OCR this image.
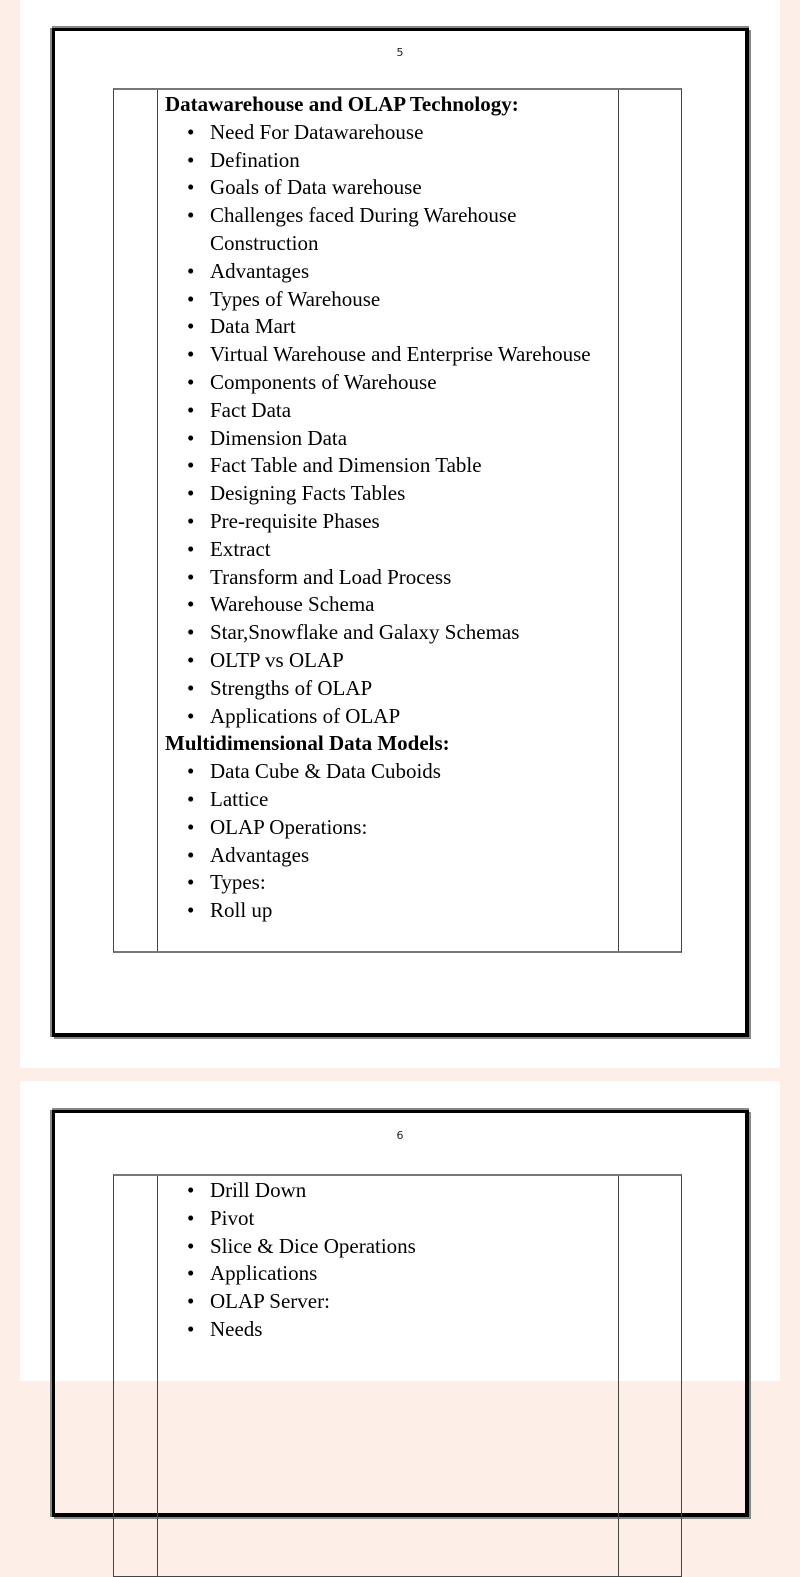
5
Datawarehouse and OLAP Technology:
• Need For Datawarehouse
• Defination
• Goals of Data warehouse
• Challenges faced During Warehouse Construction
• Advantages
• Types of Warehouse
• Data Mart
• Virtual Warehouse and Enterprise Warehouse
• Components of Warehouse
• Fact Data
• Dimension Data
• Fact Table and Dimension Table
• Designing Facts Tables
• Pre-requisite Phases
• Extract
• Transform and Load Process
• Warehouse Schema
• Star,Snowflake and Galaxy Schemas
• OLTP vs OLAP
• Strengths of OLAP
• Applications of OLAP
Multidimensional Data Models:
• Data Cube & Data Cuboids
• Lattice
• OLAP Operations:
• Advantages
• Types:
• Roll up
6
• Drill Down
• Pivot
• Slice & Dice Operations
• Applications
• OLAP Server:
• Needs
